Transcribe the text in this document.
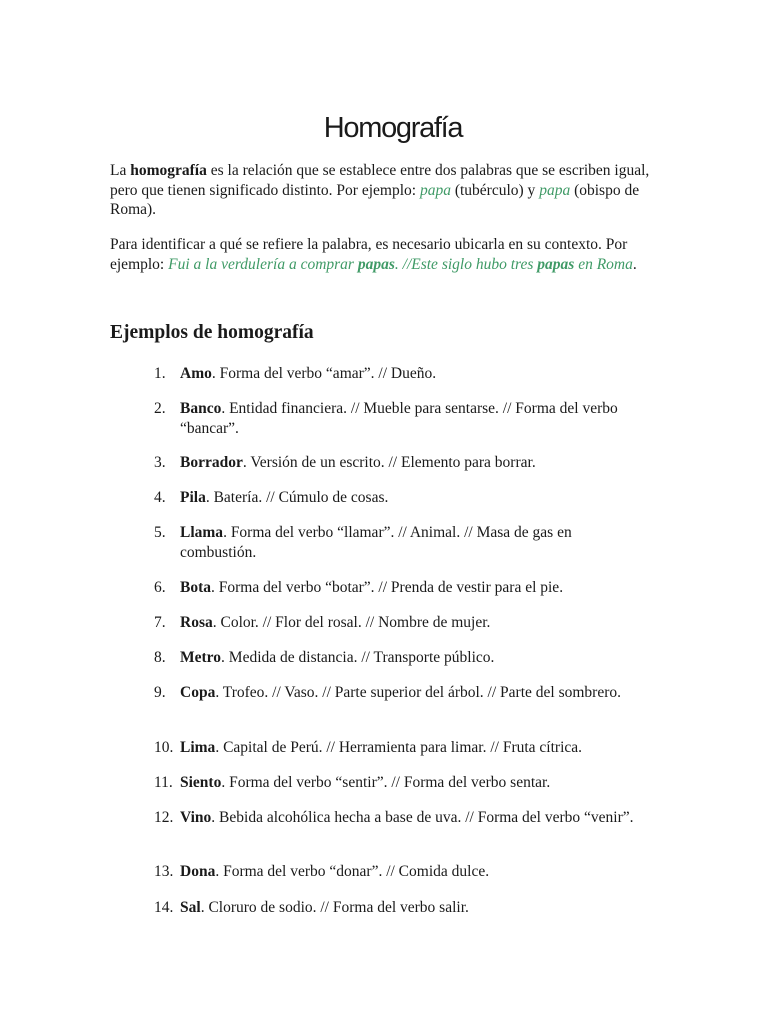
Homografía

La homografía es la relación que se establece entre dos palabras que se escriben igual, pero que tienen significado distinto. Por ejemplo: papa (tubérculo) y papa (obispo de Roma).

Para identificar a qué se refiere la palabra, es necesario ubicarla en su contexto. Por ejemplo: Fui a la verdulería a comprar papas. //Este siglo hubo tres papas en Roma.

Ejemplos de homografía
1. Amo. Forma del verbo “amar”. // Dueño.
2. Banco. Entidad financiera. // Mueble para sentarse. // Forma del verbo “bancar”.
3. Borrador. Versión de un escrito. // Elemento para borrar.
4. Pila. Batería. // Cúmulo de cosas.
5. Llama. Forma del verbo “llamar”. // Animal. // Masa de gas en combustión.
6. Bota. Forma del verbo “botar”. // Prenda de vestir para el pie.
7. Rosa. Color. // Flor del rosal. // Nombre de mujer.
8. Metro. Medida de distancia. // Transporte público.
9. Copa. Trofeo. // Vaso. // Parte superior del árbol. // Parte del sombrero.
10. Lima. Capital de Perú. // Herramienta para limar. // Fruta cítrica.
11. Siento. Forma del verbo “sentir”. // Forma del verbo sentar.
12. Vino. Bebida alcohólica hecha a base de uva. // Forma del verbo “venir”.
13. Dona. Forma del verbo “donar”. // Comida dulce.
14. Sal. Cloruro de sodio. // Forma del verbo salir.
